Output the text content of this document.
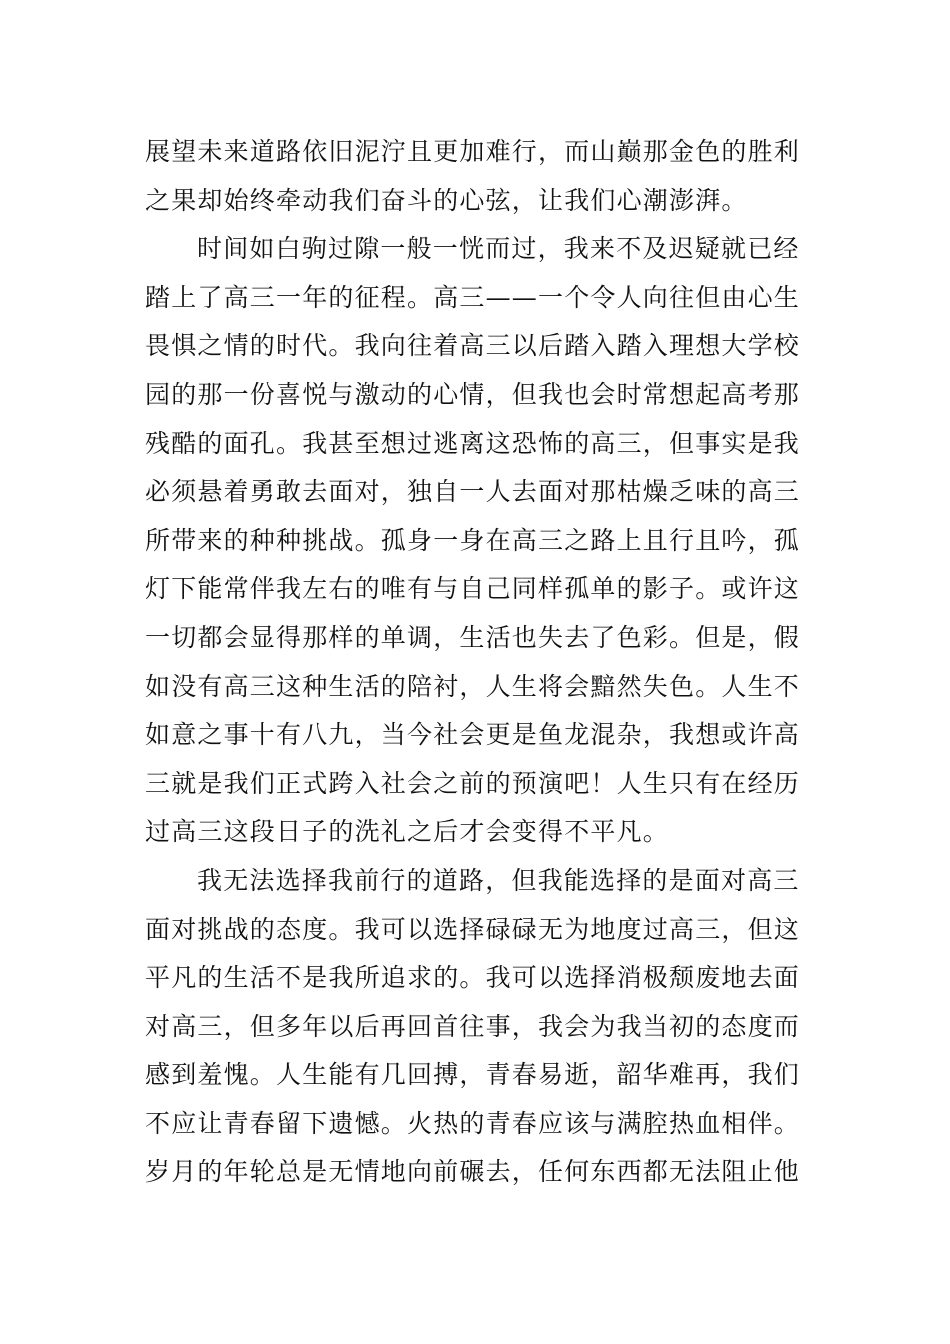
展望未来道路依旧泥泞且更加难行，而山巅那金色的胜利
之果却始终牵动我们奋斗的心弦，让我们心潮澎湃。
时间如白驹过隙一般一恍而过，我来不及迟疑就已经
踏上了高三一年的征程。高三——一个令人向往但由心生
畏惧之情的时代。我向往着高三以后踏入踏入理想大学校
园的那一份喜悦与激动的心情，但我也会时常想起高考那
残酷的面孔。我甚至想过逃离这恐怖的高三，但事实是我
必须悬着勇敢去面对，独自一人去面对那枯燥乏味的高三
所带来的种种挑战。孤身一身在高三之路上且行且吟，孤
灯下能常伴我左右的唯有与自己同样孤单的影子。或许这
一切都会显得那样的单调，生活也失去了色彩。但是，假
如没有高三这种生活的陪衬，人生将会黯然失色。人生不
如意之事十有八九，当今社会更是鱼龙混杂，我想或许高
三就是我们正式跨入社会之前的预演吧！人生只有在经历
过高三这段日子的洗礼之后才会变得不平凡。
我无法选择我前行的道路，但我能选择的是面对高三
面对挑战的态度。我可以选择碌碌无为地度过高三，但这
平凡的生活不是我所追求的。我可以选择消极颓废地去面
对高三，但多年以后再回首往事，我会为我当初的态度而
感到羞愧。人生能有几回搏，青春易逝，韶华难再，我们
不应让青春留下遗憾。火热的青春应该与满腔热血相伴。
岁月的年轮总是无情地向前碾去，任何东西都无法阻止他
